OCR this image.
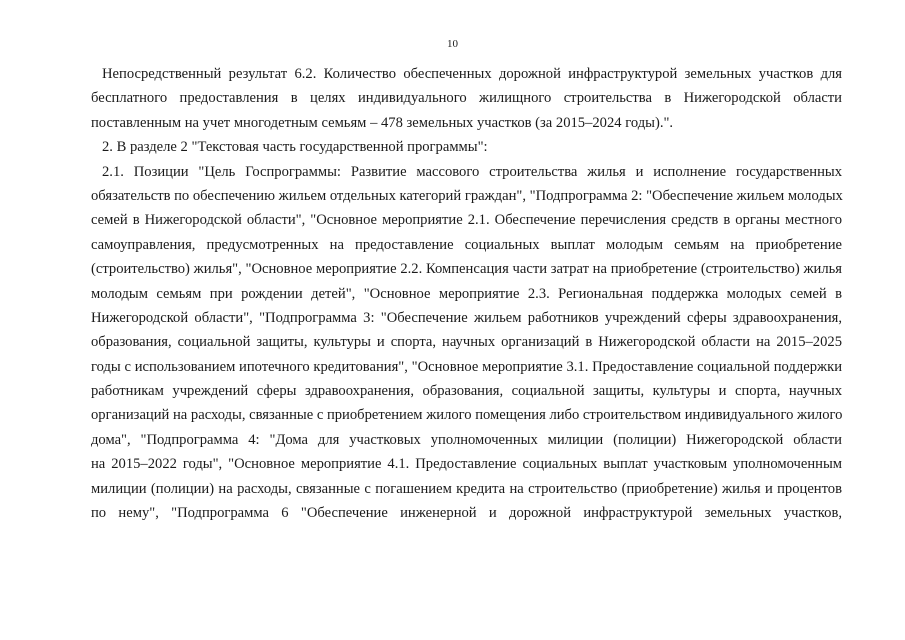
10
Непосредственный результат 6.2. Количество обеспеченных дорожной инфраструктурой земельных участков для
бесплатного предоставления в целях индивидуального жилищного строительства в Нижегородской области
поставленным на учет многодетным семьям – 478 земельных участков (за 2015–2024 годы).".
2. В разделе 2 "Текстовая часть государственной программы":
2.1. Позиции "Цель Госпрограммы: Развитие массового строительства жилья и исполнение государственных
обязательств по обеспечению жильем отдельных категорий граждан", "Подпрограмма 2: "Обеспечение жильем молодых
семей в Нижегородской области", "Основное мероприятие 2.1. Обеспечение перечисления средств в органы местного
самоуправления, предусмотренных на предоставление социальных выплат молодым семьям на приобретение
(строительство) жилья", "Основное мероприятие 2.2. Компенсация части затрат на приобретение (строительство) жилья
молодым семьям при рождении детей", "Основное мероприятие 2.3. Региональная поддержка молодых семей в
Нижегородской области", "Подпрограмма 3: "Обеспечение жильем работников учреждений сферы здравоохранения,
образования, социальной защиты, культуры и спорта, научных организаций в Нижегородской области на 2015–2025
годы с использованием ипотечного кредитования", "Основное мероприятие 3.1. Предоставление социальной поддержки
работникам учреждений сферы здравоохранения, образования, социальной защиты, культуры и спорта, научных
организаций на расходы, связанные с приобретением жилого помещения либо строительством индивидуального жилого
дома", "Подпрограмма 4: "Дома для участковых уполномоченных милиции (полиции) Нижегородской области
на 2015–2022 годы", "Основное мероприятие 4.1. Предоставление социальных выплат участковым уполномоченным
милиции (полиции) на расходы, связанные с погашением кредита на строительство (приобретение) жилья и процентов
по нему", "Подпрограмма 6 "Обеспечение инженерной и дорожной инфраструктурой земельных участков,
